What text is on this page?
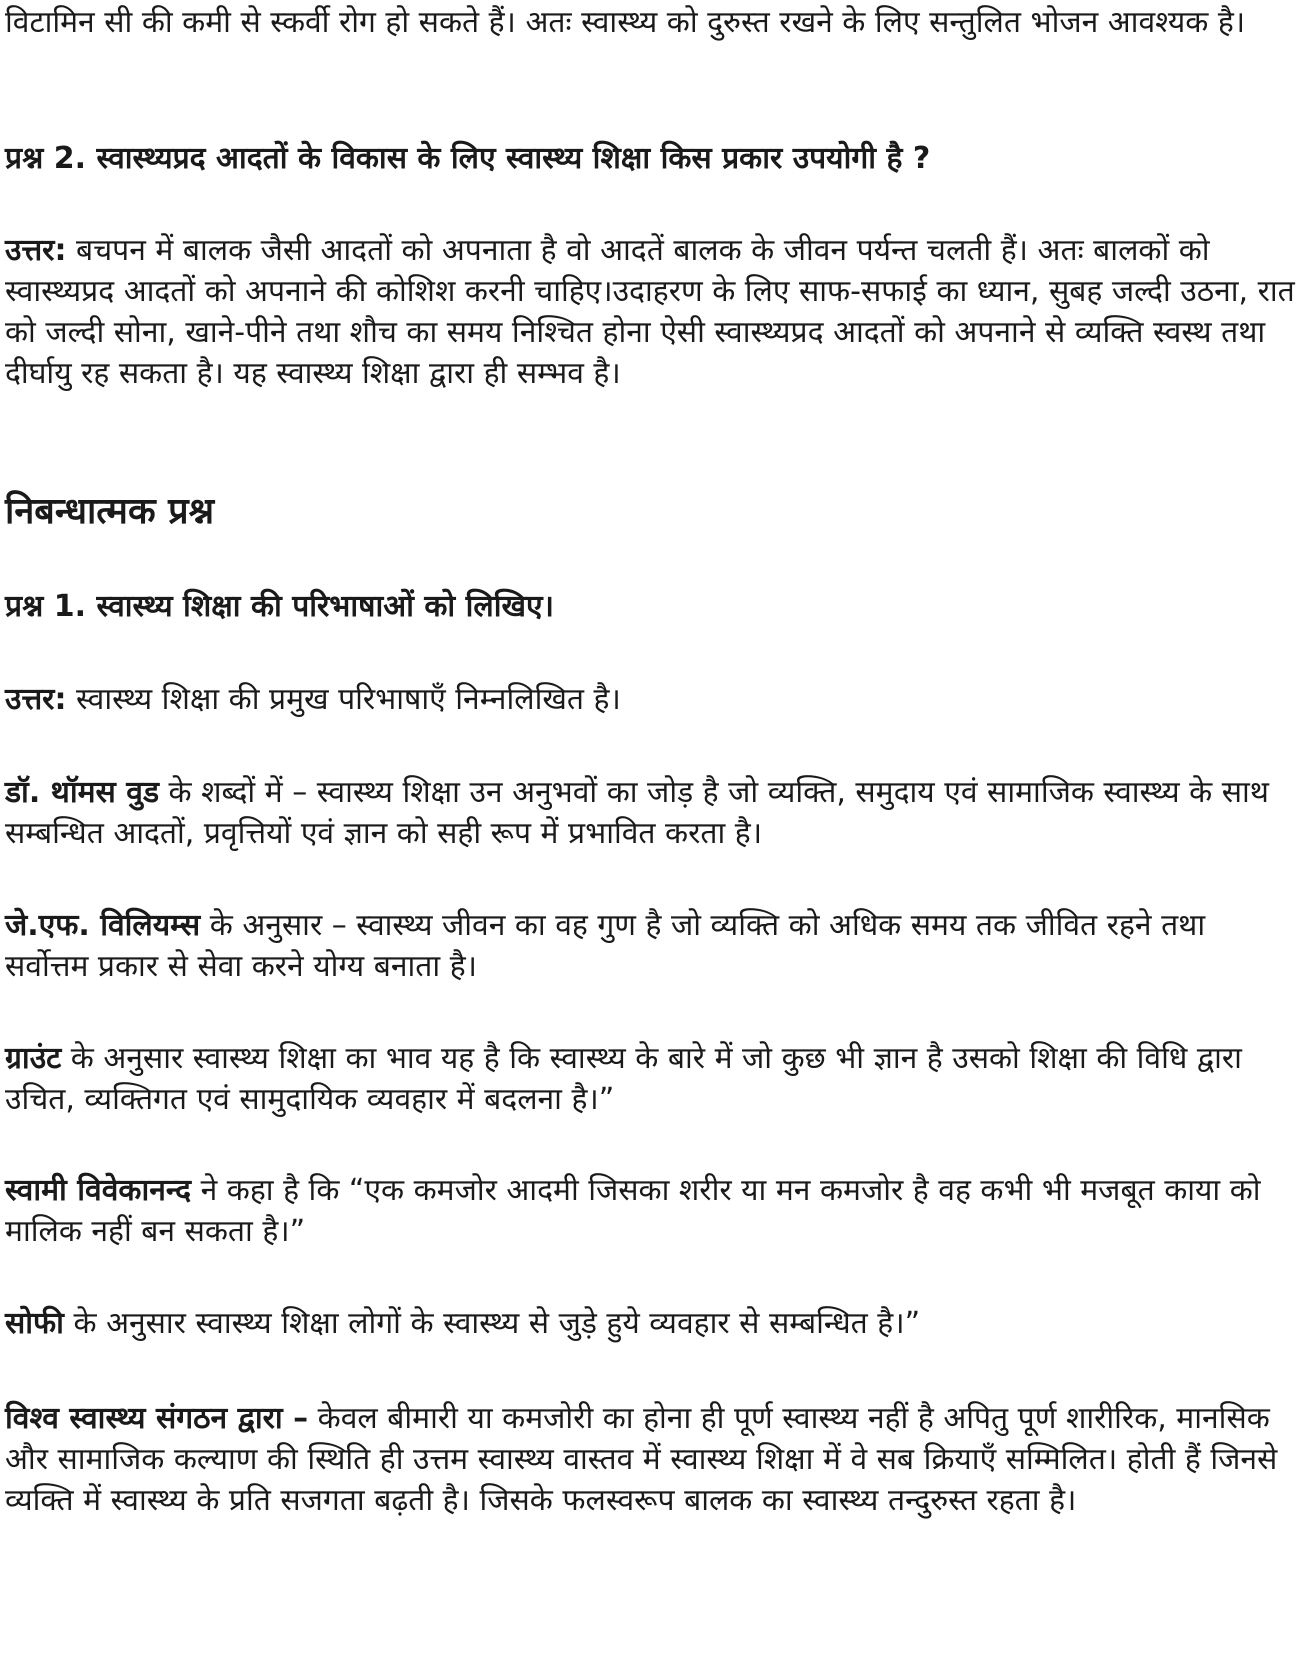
विटामिन सी की कमी से स्कर्वी रोग हो सकते हैं। अतः स्वास्थ्य को दुरुस्त रखने के लिए सन्तुलित भोजन आवश्यक है।

प्रश्न 2. स्वास्थ्यप्रद आदतों के विकास के लिए स्वास्थ्य शिक्षा किस प्रकार उपयोगी है ?

उत्तर: बचपन में बालक जैसी आदतों को अपनाता है वो आदतें बालक के जीवन पर्यन्त चलती हैं। अतः बालकों को स्वास्थ्यप्रद आदतों को अपनाने की कोशिश करनी चाहिए।उदाहरण के लिए साफ-सफाई का ध्यान, सुबह जल्दी उठना, रात को जल्दी सोना, खाने-पीने तथा शौच का समय निश्चित होना ऐसी स्वास्थ्यप्रद आदतों को अपनाने से व्यक्ति स्वस्थ तथा दीर्घायु रह सकता है। यह स्वास्थ्य शिक्षा द्वारा ही सम्भव है।

निबन्धात्मक प्रश्न

प्रश्न 1. स्वास्थ्य शिक्षा की परिभाषाओं को लिखिए।

उत्तर: स्वास्थ्य शिक्षा की प्रमुख परिभाषाएँ निम्नलिखित है।

डॉ. थॉमस वुड के शब्दों में – स्वास्थ्य शिक्षा उन अनुभवों का जोड़ है जो व्यक्ति, समुदाय एवं सामाजिक स्वास्थ्य के साथ सम्बन्धित आदतों, प्रवृत्तियों एवं ज्ञान को सही रूप में प्रभावित करता है।

जे.एफ. विलियम्स के अनुसार – स्वास्थ्य जीवन का वह गुण है जो व्यक्ति को अधिक समय तक जीवित रहने तथा सर्वोत्तम प्रकार से सेवा करने योग्य बनाता है।

ग्राउंट के अनुसार स्वास्थ्य शिक्षा का भाव यह है कि स्वास्थ्य के बारे में जो कुछ भी ज्ञान है उसको शिक्षा की विधि द्वारा उचित, व्यक्तिगत एवं सामुदायिक व्यवहार में बदलना है।”

स्वामी विवेकानन्द ने कहा है कि “एक कमजोर आदमी जिसका शरीर या मन कमजोर है वह कभी भी मजबूत काया को मालिक नहीं बन सकता है।”

सोफी के अनुसार स्वास्थ्य शिक्षा लोगों के स्वास्थ्य से जुड़े हुये व्यवहार से सम्बन्धित है।”

विश्व स्वास्थ्य संगठन द्वारा – केवल बीमारी या कमजोरी का होना ही पूर्ण स्वास्थ्य नहीं है अपितु पूर्ण शारीरिक, मानसिक और सामाजिक कल्याण की स्थिति ही उत्तम स्वास्थ्य वास्तव में स्वास्थ्य शिक्षा में वे सब क्रियाएँ सम्मिलित। होती हैं जिनसे व्यक्ति में स्वास्थ्य के प्रति सजगता बढ़ती है। जिसके फलस्वरूप बालक का स्वास्थ्य तन्दुरुस्त रहता है।
